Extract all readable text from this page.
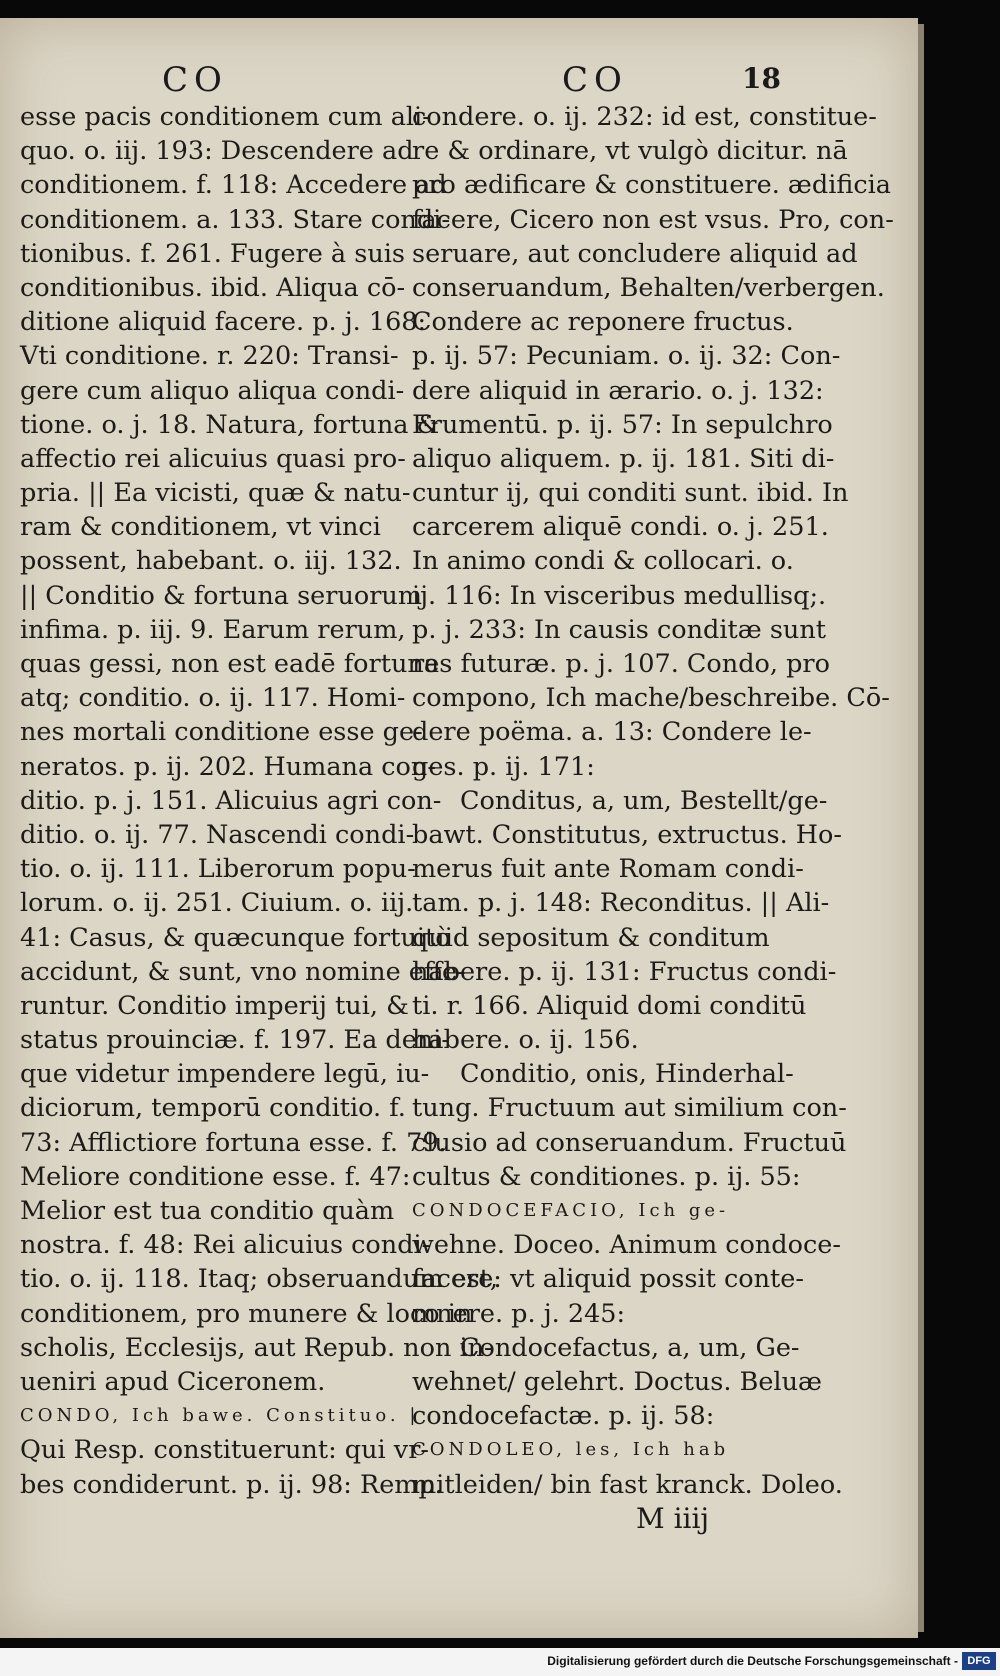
CO	CO	18
esse pacis conditionem cum ali-
quo. o. iij. 193: Descendere ad
conditionem. f. 118: Accedere ad
conditionem. a. 133. Stare condi-
tionibus. f. 261. Fugere à suis
conditionibus. ibid. Aliqua cō-
ditione aliquid facere. p. j. 168:
Vti conditione. r. 220: Transi-
gere cum aliquo aliqua condi-
tione. o. j. 18. Natura, fortuna &
affectio rei alicuius quasi pro-
pria. || Ea vicisti, quæ & natu-
ram & conditionem, vt vinci
possent, habebant. o. iij. 132.
|| Conditio & fortuna seruorum
infima. p. iij. 9. Earum rerum,
quas gessi, non est eadē fortuna
atq; conditio. o. ij. 117. Homi-
nes mortali conditione esse ge-
neratos. p. ij. 202. Humana con-
ditio. p. j. 151. Alicuius agri con-
ditio. o. ij. 77. Nascendi condi-
tio. o. ij. 111. Liberorum popu-
lorum. o. ij. 251. Ciuium. o. iij.
41: Casus, & quæcunque fortuitò
accidunt, & sunt, vno nomine effe-
runtur. Conditio imperij tui, &
status prouinciæ. f. 197. Ea deni-
que videtur impendere legū, iu-
diciorum, temporū conditio. f.
73: Afflictiore fortuna esse. f. 79.
Meliore conditione esse. f. 47:
Melior est tua conditio quàm
nostra. f. 48: Rei alicuius condi-
tio. o. ij. 118. Itaq; obseruandum est,
conditionem, pro munere & loco in
scholis, Ecclesijs, aut Repub. non in-
ueniri apud Ciceronem.
CONDO, Ich bawe. Constituo. |
Qui Resp. constituerunt: qui vr-
bes condiderunt. p. ij. 98: Remp.
condere. o. ij. 232: id est, constitue-
re & ordinare, vt vulgò dicitur. nā
pro ædificare & constituere. ædificia
facere, Cicero non est vsus. Pro, con-
seruare, aut concludere aliquid ad
conseruandum, Behalten/verbergen.
Condere ac reponere fructus.
p. ij. 57: Pecuniam. o. ij. 32: Con-
dere aliquid in ærario. o. j. 132:
Frumentū. p. ij. 57: In sepulchro
aliquo aliquem. p. ij. 181. Siti di-
cuntur ij, qui conditi sunt. ibid. In
carcerem aliquē condi. o. j. 251.
In animo condi & collocari. o.
ij. 116: In visceribus medullisq;.
p. j. 233: In causis conditæ sunt
res futuræ. p. j. 107. Condo, pro
compono, Ich mache/beschreibe. Cō-
dere poëma. a. 13: Condere le-
ges. p. ij. 171:
Conditus, a, um, Bestellt/ge-
bawt. Constitutus, extructus. Ho-
merus fuit ante Romam condi-
tam. p. j. 148: Reconditus. || Ali-
quid sepositum & conditum
habere. p. ij. 131: Fructus condi-
ti. r. 166. Aliquid domi conditū
habere. o. ij. 156.
Conditio, onis, Hinderhal-
tung. Fructuum aut similium con-
clusio ad conseruandum. Fructuū
cultus & conditiones. p. ij. 55:
CONDOCEFACIO, Ich ge-
wehne. Doceo. Animum condoce-
facere: vt aliquid possit conte-
mnere. p. j. 245:
Condocefactus, a, um, Ge-
wehnet/ gelehrt. Doctus. Beluæ
condocefactæ. p. ij. 58:
CONDOLEO, les, Ich hab
mitleiden/ bin fast kranck. Doleo.
M iiij
Digitalisierung gefördert durch die Deutsche Forschungsgemeinschaft - DFG
